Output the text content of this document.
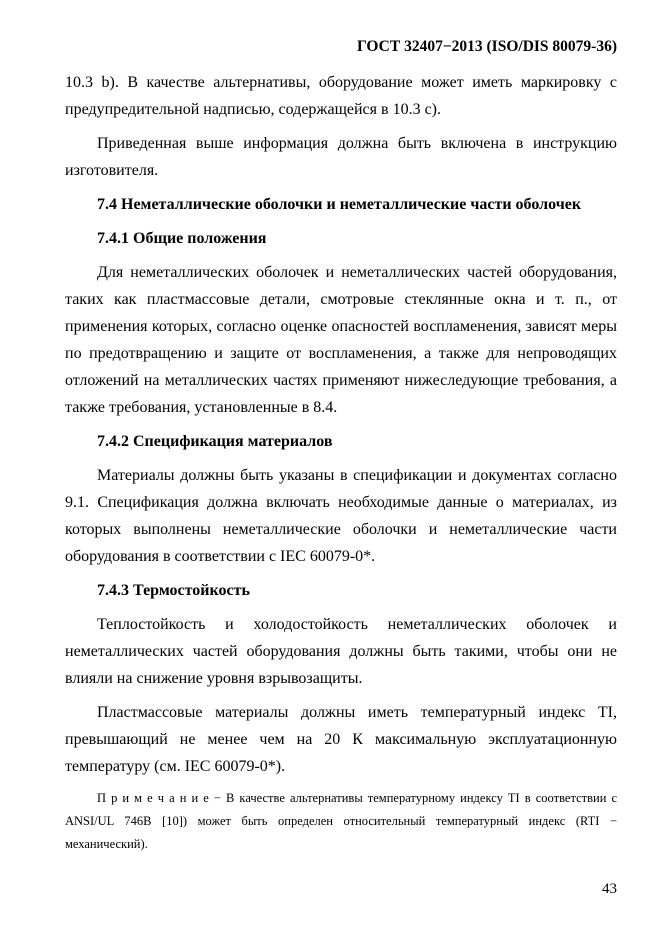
ГОСТ 32407−2013 (ISO/DIS 80079-36)

10.3 b). В качестве альтернативы, оборудование может иметь маркировку с предупредительной надписью, содержащейся в 10.3 c).

Приведенная выше информация должна быть включена в инструкцию изготовителя.

7.4 Неметаллические оболочки и неметаллические части оболочек

7.4.1 Общие положения

Для неметаллических оболочек и неметаллических частей оборудования, таких как пластмассовые детали, смотровые стеклянные окна и т. п., от применения которых, согласно оценке опасностей воспламенения, зависят меры по предотвращению и защите от воспламенения, а также для непроводящих отложений на металлических частях применяют нижеследующие требования, а также требования, установленные в 8.4.

7.4.2 Спецификация материалов

Материалы должны быть указаны в спецификации и документах согласно 9.1. Спецификация должна включать необходимые данные о материалах, из которых выполнены неметаллические оболочки и неметаллические части оборудования в соответствии с IEC 60079-0*.

7.4.3 Термостойкость

Теплостойкость и холодостойкость неметаллических оболочек и неметаллических частей оборудования должны быть такими, чтобы они не влияли на снижение уровня взрывозащиты.

Пластмассовые материалы должны иметь температурный индекс TI, превышающий не менее чем на 20 К максимальную эксплуатационную температуру (см. IEC 60079-0*).

П р и м е ч а н и е − В качестве альтернативы температурному индексу TI в соответствии с ANSI/UL 746B [10]) может быть определен относительный температурный индекс (RTI − механический).

43
